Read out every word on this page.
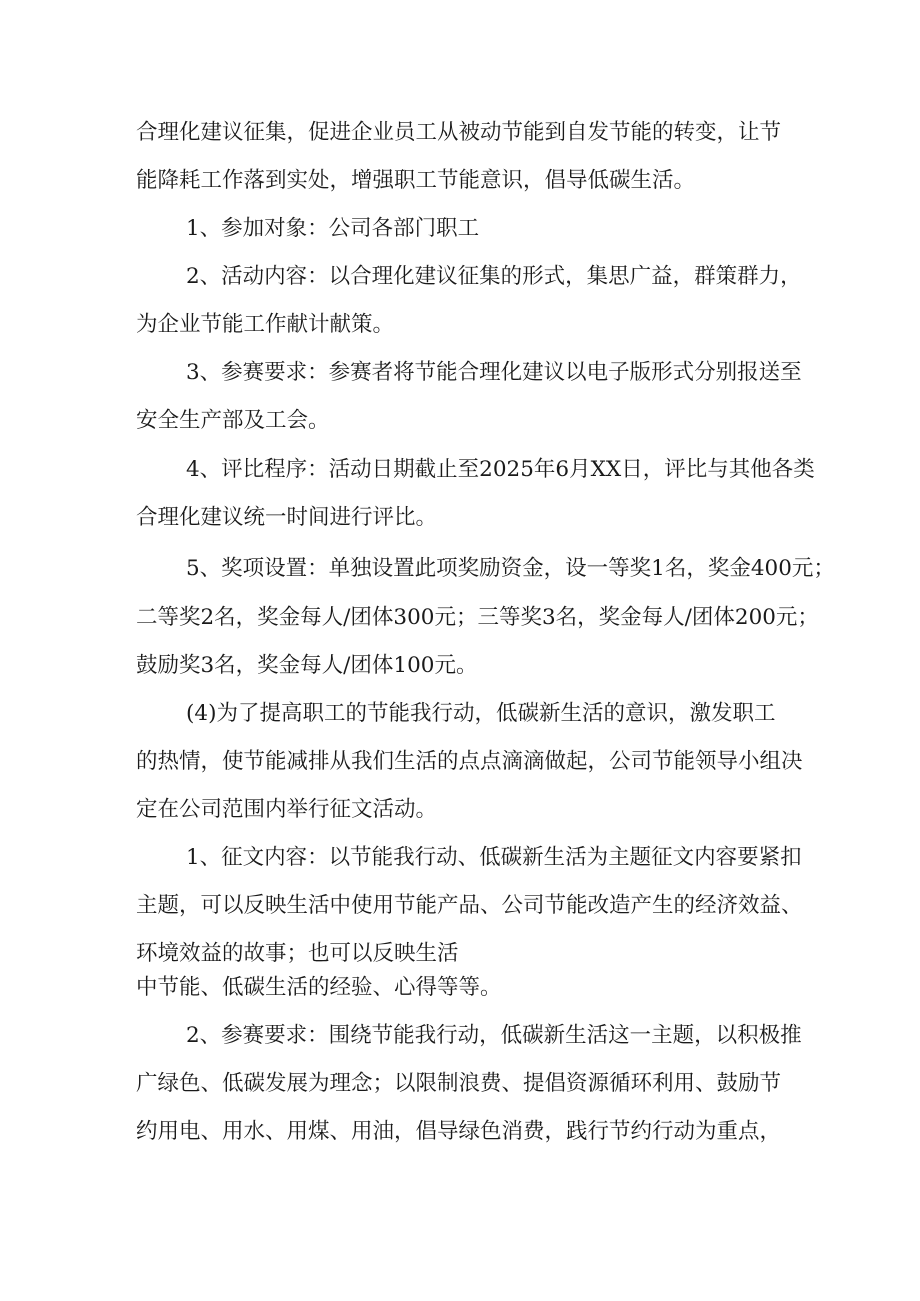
合理化建议征集，促进企业员工从被动节能到自发节能的转变，让节
能降耗工作落到实处，增强职工节能意识，倡导低碳生活。
1、参加对象：公司各部门职工
2、活动内容：以合理化建议征集的形式，集思广益，群策群力，
为企业节能工作献计献策。
3、参赛要求：参赛者将节能合理化建议以电子版形式分别报送至
安全生产部及工会。
4、评比程序：活动日期截止至2025年6月XX日，评比与其他各类
合理化建议统一时间进行评比。
5、奖项设置：单独设置此项奖励资金，设一等奖1名，奖金400元；
二等奖2名，奖金每人/团体300元；三等奖3名，奖金每人/团体200元；
鼓励奖3名，奖金每人/团体100元。
(4)为了提高职工的节能我行动，低碳新生活的意识，激发职工
的热情，使节能减排从我们生活的点点滴滴做起，公司节能领导小组决
定在公司范围内举行征文活动。
1、征文内容：以节能我行动、低碳新生活为主题征文内容要紧扣
主题，可以反映生活中使用节能产品、公司节能改造产生的经济效益、
环境效益的故事；也可以反映生活
中节能、低碳生活的经验、心得等等。
2、参赛要求：围绕节能我行动，低碳新生活这一主题，以积极推
广绿色、低碳发展为理念；以限制浪费、提倡资源循环利用、鼓励节
约用电、用水、用煤、用油，倡导绿色消费，践行节约行动为重点，
